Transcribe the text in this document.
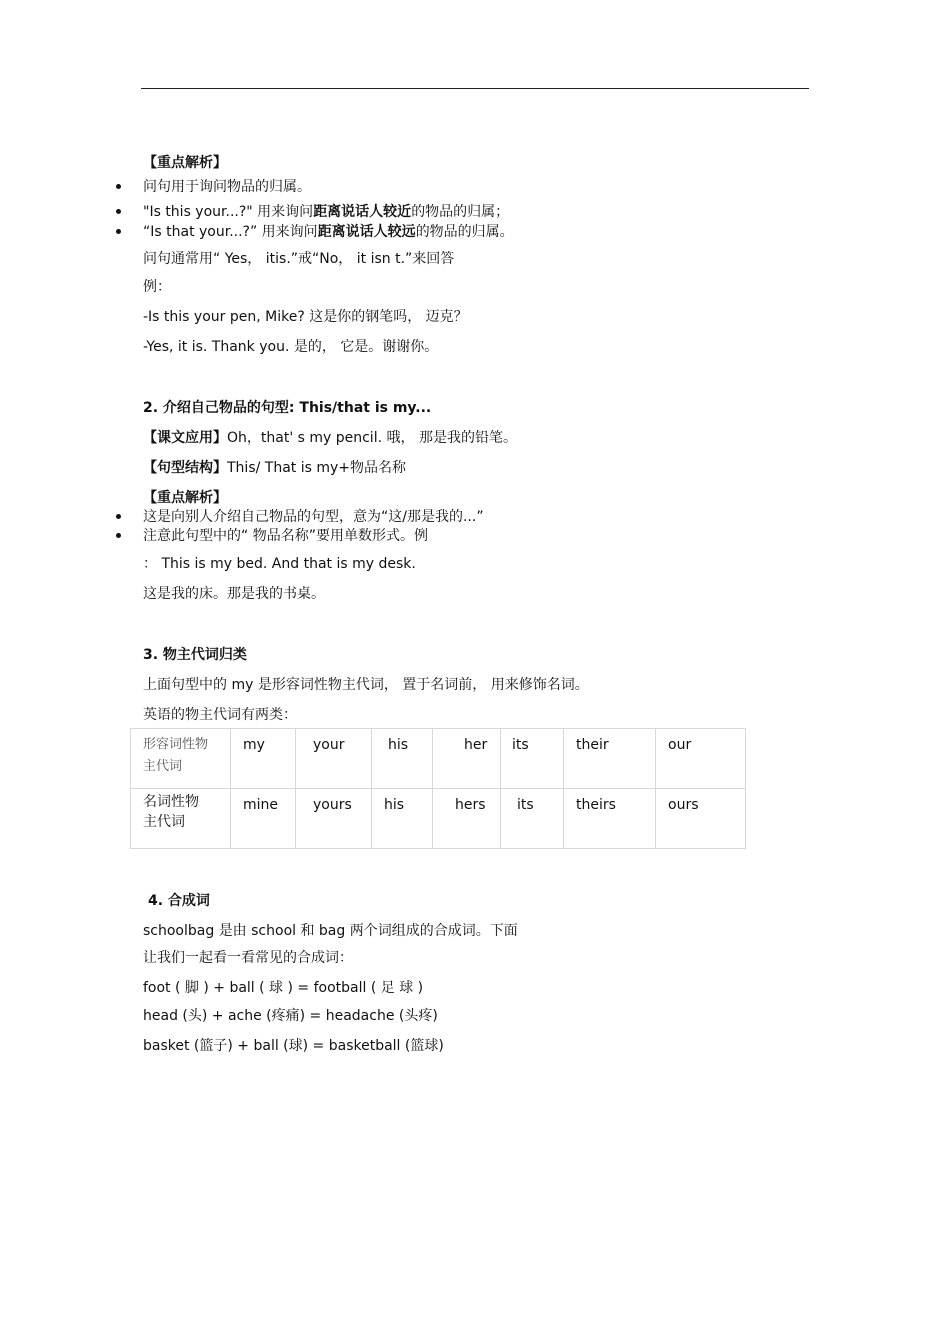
【重点解析】
问句用于询问物品的归属。
"Is this your...?" 用来询问距离说话人较近的物品的归属；
“Is that your...?” 用来询问距离说话人较远的物品的归属。
问句通常用“ Yes， itis.”戒“No， it isn t.”来回答
例：
-Is this your pen, Mike? 这是你的钢笔吗， 迈克？
-Yes, it is. Thank you. 是的， 它是。谢谢你。
2. 介绍自己物品的句型: This/that is my...
【课文应用】Oh，that' s my pencil. 哦， 那是我的铅笔。
【句型结构】This/ That is my+物品名称
【重点解析】
这是向别人介绍自己物品的句型，意为“这/那是我的...”
注意此句型中的“ 物品名称”要用单数形式。例
： This is my bed. And that is my desk.
这是我的床。那是我的书桌。
3. 物主代词归类
上面句型中的 my 是形容词性物主代词， 置于名词前， 用来修饰名词。
英语的物主代词有两类：
形容词性物
主代词	my	your	his	her	its	their	our

名词性物
主代词	mine	yours	his	hers	its	theirs	ours
4. 合成词
schoolbag 是由 school 和 bag 两个词组成的合成词。下面
让我们一起看一看常见的合成词：
foot ( 脚 ) + ball ( 球 ) = football ( 足 球 )
head (头) + ache (疼痛) = headache (头疼)
basket (篮子) + ball (球) = basketball (篮球)
